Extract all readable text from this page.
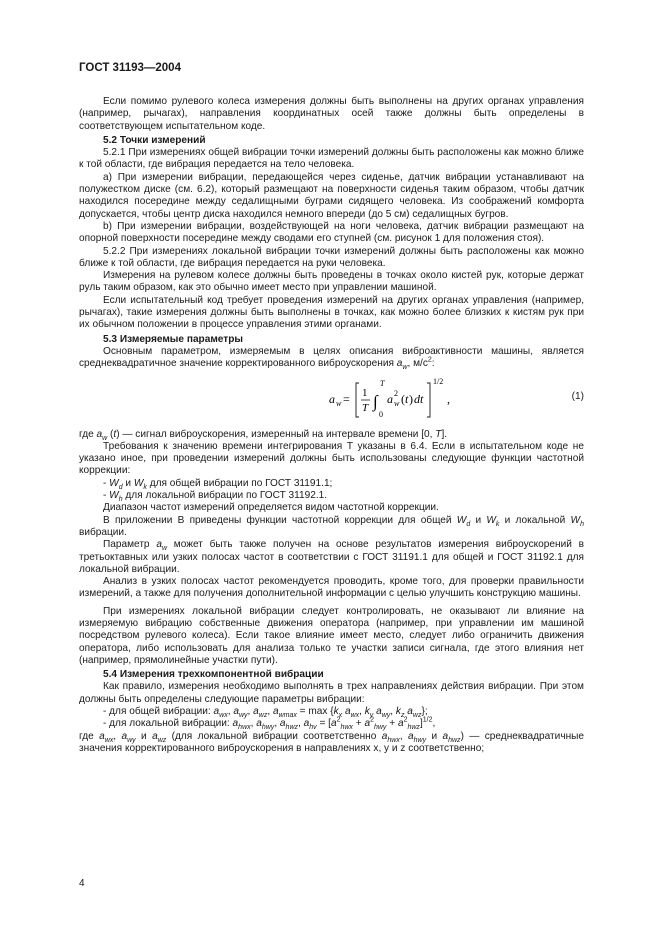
ГОСТ 31193—2004

Если помимо рулевого колеса измерения должны быть выполнены на других органах управления (например, рычагах), направления координатных осей также должны быть определены в соответствующем испытательном коде.

5.2 Точки измерений

5.2.1 При измерениях общей вибрации точки измерений должны быть расположены как можно ближе к той области, где вибрация передается на тело человека.

а) При измерении вибрации, передающейся через сиденье, датчик вибрации устанавливают на полужестком диске (см. 6.2), который размещают на поверхности сиденья таким образом, чтобы датчик находился посередине между седалищными буграми сидящего человека. Из соображений комфорта допускается, чтобы центр диска находился немного впереди (до 5 см) седалищных бугров.

b) При измерении вибрации, воздействующей на ноги человека, датчик вибрации размещают на опорной поверхности посередине между сводами его ступней (см. рисунок 1 для положения стоя).

5.2.2 При измерениях локальной вибрации точки измерений должны быть расположены как можно ближе к той области, где вибрация передается на руки человека.

Измерения на рулевом колесе должны быть проведены в точках около кистей рук, которые держат руль таким образом, как это обычно имеет место при управлении машиной.

Если испытательный код требует проведения измерений на других органах управления (например, рычагах), такие измерения должны быть выполнены в точках, как можно более близких к кистям рук при их обычном положении в процессе управления этими органами.

5.3 Измеряемые параметры

Основным параметром, измеряемым в целях описания виброактивности машины, является среднеквадратичное значение корректированного виброускорения $a_w$, $м/с^2$:

a w = 1
T ∫
T
0
a 2
w ( t ) dt
1/2
,	(1)

где $a_w$ (t) — сигнал виброускорения, измеренный на интервале времени [0, T].

Требования к значению времени интегрирования T указаны в 6.4. Если в испытательном коде не указано иное, при проведении измерений должны быть использованы следующие функции частотной коррекции:

- $W_d$ и $W_k$ для общей вибрации по ГОСТ 31191.1;

- $W_h$ для локальной вибрации по ГОСТ 31192.1.

Диапазон частот измерений определяется видом частотной коррекции.

В приложении В приведены функции частотной коррекции для общей $W_d$ и $W_k$ и локальной $W_h$ вибрации.

Параметр $a_w$ может быть также получен на основе результатов измерения виброускорений в третьоктавных или узких полосах частот в соответствии с ГОСТ 31191.1 для общей и ГОСТ 31192.1 для локальной вибрации.

Анализ в узких полосах частот рекомендуется проводить, кроме того, для проверки правильности измерений, а также для получения дополнительной информации с целью улучшить конструкцию машины.

При измерениях локальной вибрации следует контролировать, не оказывают ли влияние на измеряемую вибрацию собственные движения оператора (например, при управлении им машиной посредством рулевого колеса). Если такое влияние имеет место, следует либо ограничить движения оператора, либо использовать для анализа только те участки записи сигнала, где этого влияния нет (например, прямолинейные участки пути).

5.4 Измерения трехкомпонентной вибрации

Как правило, измерения необходимо выполнять в трех направлениях действия вибрации. При этом должны быть определены следующие параметры вибрации:

- для общей вибрации: $a_{wx}$, $a_{wy}$, $a_{wz}$, $a_{wmax} = \max \{k_x$ $a_{wx}$, $k_y$ $a_{wy}$, $k_z$ $a_{wz}$};

- для локальной вибрации: $a_{hwx}$, $a_{hwy}$, $a_{hwz}$, $a_{hv} = [a^2_{hwx} + a^2_{hwy} + a^2_{hwz}]^{1/2}$,

где $a_{wx}$, $a_{wy}$ и $a_{wz}$ (для локальной вибрации соответственно $a_{hwx}$, $a_{hwy}$ и $a_{hwz}$) — среднеквадратичные значения корректированного виброускорения в направлениях x, y и z соответственно;

4
